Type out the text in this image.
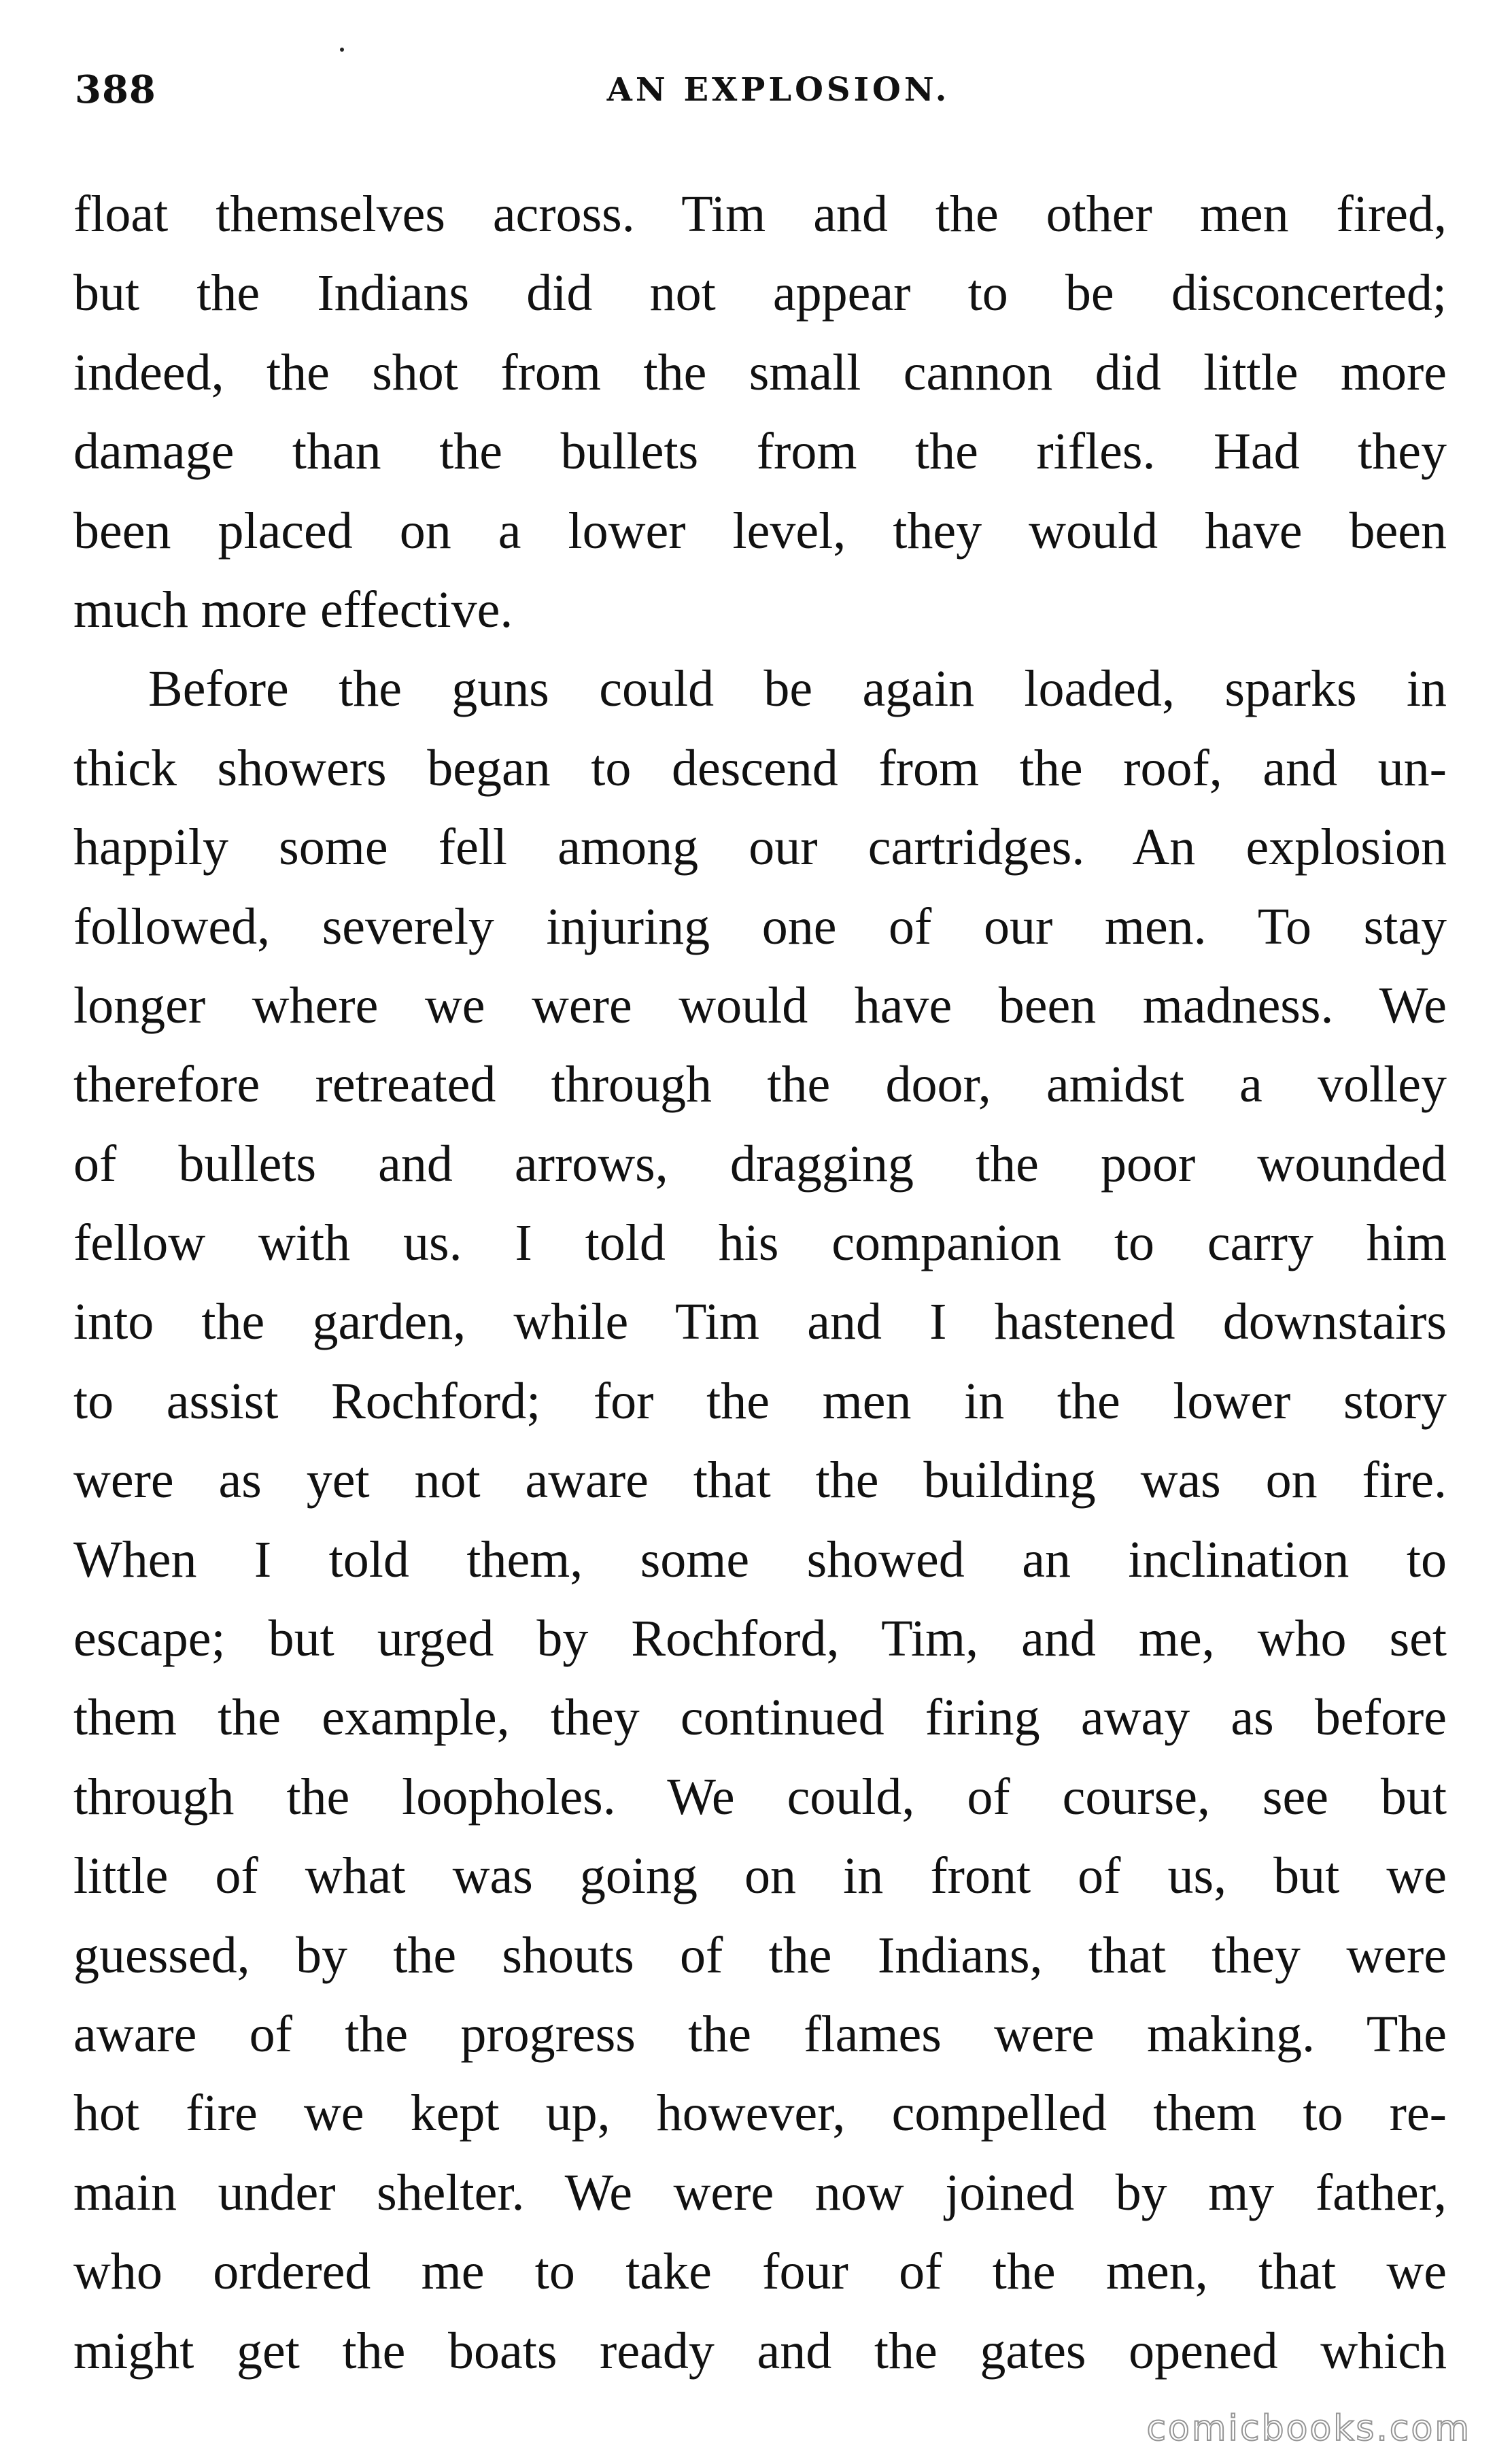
388	AN EXPLOSION.
float themselves across. Tim and the other men fired,
but the Indians did not appear to be disconcerted;
indeed, the shot from the small cannon did little more
damage than the bullets from the rifles. Had they
been placed on a lower level, they would have been
much more effective.
Before the guns could be again loaded, sparks in
thick showers began to descend from the roof, and un-
happily some fell among our cartridges. An explosion
followed, severely injuring one of our men. To stay
longer where we were would have been madness. We
therefore retreated through the door, amidst a volley
of bullets and arrows, dragging the poor wounded
fellow with us. I told his companion to carry him
into the garden, while Tim and I hastened downstairs
to assist Rochford; for the men in the lower story
were as yet not aware that the building was on fire.
When I told them, some showed an inclination to
escape; but urged by Rochford, Tim, and me, who set
them the example, they continued firing away as before
through the loopholes. We could, of course, see but
little of what was going on in front of us, but we
guessed, by the shouts of the Indians, that they were
aware of the progress the flames were making. The
hot fire we kept up, however, compelled them to re-
main under shelter. We were now joined by my father,
who ordered me to take four of the men, that we
might get the boats ready and the gates opened which
comicbooks.com
